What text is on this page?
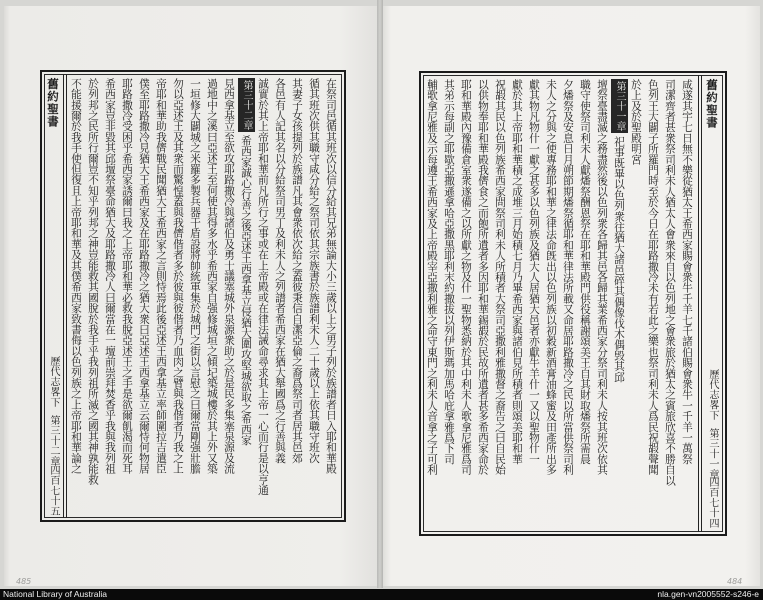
舊約聖書
歷代志畧下第三十二章
四百七十五
在祭司邑循其班次以信分給其兄弟無論大小三歲以上之男子列於族譜者日入耶和華殿
循其班次供其職守咸分給之祭司依其宗族書於族譜利未人二十歲以上依其職守班次
其妻子女孩提列於族譜凡其會衆依次給之蓋彼秉信自潔亞倫之裔爲祭司者居其邑郊
各邑有人記其名以分給祭司男丁及利未人之列譜者希西家在猶大舉國爲之行善與義
誠實於其上帝耶和華前凡所行之事或在上帝殿或在律法誡命尋求其上帝一心而行是以亨通
第三十二章希西家誠心行善之後亞述王西拿基立侵猶大圍攻堅城欲取之希西家
見西拿基立至欲攻耶路撒冷與諸伯及勇士議塞城外泉源衆助之於是民多集塞泉源及流
過地中之溪曰亞述王至何使其得多水乎希西家自强修城垣之傾圮築城樓於其上外又築
一垣修大闢城之米羅多製兵器干盾設將帥統軍集於城門之街以言慰之曰爾當剛强壯膽
勿以亞述王及其衆而驚惶蓋與我儕偕者多於彼與彼偕者乃血肉之臂與我偕者乃我之上
帝耶和華助我儕戰民聞猶大王希西家之言則恃焉此後亞述王西拿基立率師圍拉吉遣臣
僕至耶路撒冷見猶大王希西家及在耶路撒冷之猶大衆曰亞述王西拿基立云爾恃何物居
耶路撒冷受困乎希西家誘爾曰我之上帝耶和華必救我脫亞述王之手是欲爾飢渴而死耳
希西家豈非毀其邱壇祭臺命猶大及耶路撒冷人曰爾當在一壇前崇拜焚香乎我與我列祖
於列邦之民所行爾豈不知乎列邦之神豈能救其國脫於我手乎我列祖所滅之國其神孰能救
不能援爾於我手使但復且上帝耶和華及其僕希西家致書侮以色列族之上帝耶和華論之	舊約聖書
歷代志畧下第三十一章
四百七十四
咸遂其宇七日無不樂從猶太王希西家賜會衆牛千羊七千諸伯賜會衆牛一千羊一萬祭
司潔齊者甚衆祭司利未人猶太人會衆來自以色列地之會衆旅於猶太之賓旅欣喜不勝自以
色列王大闢子所羅門時至於今日在耶路撒冷未有若此之樂也祭司利未人爲民祝嘏聲聞
於上及於聖殿明宮
第三十一章祀事既畢以色列衆往猶大諸邑碎其偶像伐木偶毁其邱
壇祭臺盡滅之務盡然後以色列衆各歸其邑各歸其業希西家分祭司利未人按其班次依其
職守使祭司利未人獻燔祭酬恩祭在耶和華殿門供役稱謝頌美王自其財取燔祭所需晨
夕燔祭及安息日月朔節期燔祭循耶和華律法所載又命居耶路撒冷之民以所當供祭司利
未人之分與之使專務耶和華之律法命旣出以色列族以初穀新酒膏油蜂蜜及田產所出多
獻其物凡物什一獻之甚多以色列族及猶大人居猶大邑者亦獻牛羊什一又以聖物什一
獻於其上帝耶和華積之成堆三月始積七月乃畢希西家與諸伯見所積者則頌美耶和華
祝嘏其民以色列族希西家問祭司利未人所積者大祭司亞撒利雅撒督之裔告之曰自民始
以供物奉耶和華殿我儕食之而飽所遺者多因耶和華錫嘏於民故所遺者甚多希西家命於
耶和華殿內豫備倉室衆遂備之以所獻之物及什一聖物悉納於其中利未人歌拿尼雅爲司
其弟示每副之耶歇亞撒遜拿哈亞撒黑耶利末約撒拔以列伊斯瑪加馬哈庇拿雅爲下司
輔歌拿尼雅及示每遵王希西家及上帝殿宰亞撒利雅之命守東門之利未人音拿之子可利
485	484
National Library of Australia	nla.gen-vn2005552-s246-e
